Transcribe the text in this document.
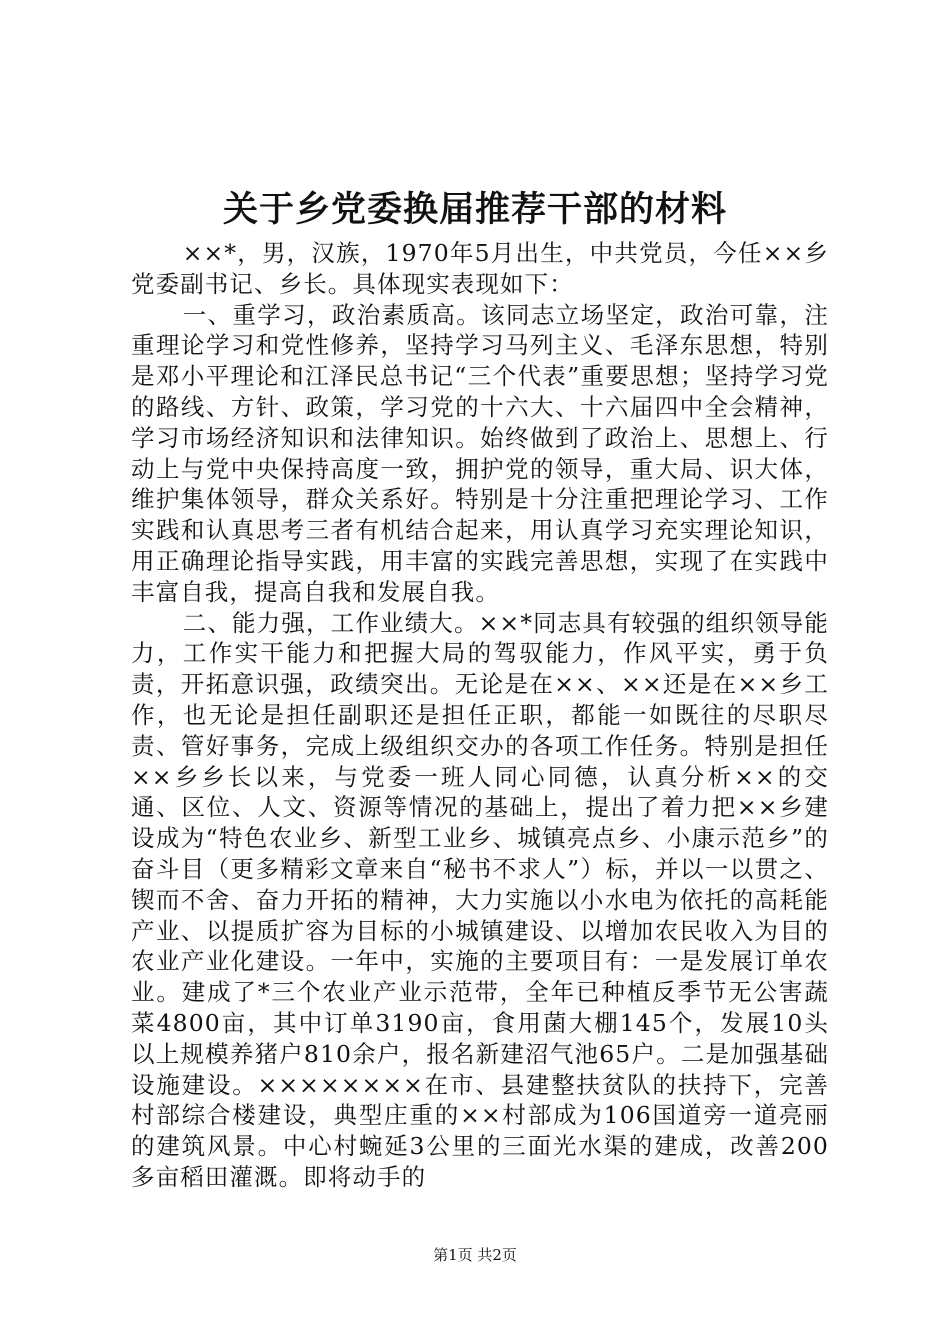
关于乡党委换届推荐干部的材料

××*，男，汉族，1970年5月出生，中共党员，今任××乡党委副书记、乡长。具体现实表现如下：

一、重学习，政治素质高。该同志立场坚定，政治可靠，注重理论学习和党性修养，坚持学习马列主义、毛泽东思想，特别是邓小平理论和江泽民总书记“三个代表”重要思想；坚持学习党的路线、方针、政策，学习党的十六大、十六届四中全会精神，学习市场经济知识和法律知识。始终做到了政治上、思想上、行动上与党中央保持高度一致，拥护党的领导，重大局、识大体，维护集体领导，群众关系好。特别是十分注重把理论学习、工作实践和认真思考三者有机结合起来，用认真学习充实理论知识，用正确理论指导实践，用丰富的实践完善思想，实现了在实践中丰富自我，提高自我和发展自我。

二、能力强，工作业绩大。××*同志具有较强的组织领导能力，工作实干能力和把握大局的驾驭能力，作风平实，勇于负责，开拓意识强，政绩突出。无论是在××、××还是在××乡工作，也无论是担任副职还是担任正职，都能一如既往的尽职尽责、管好事务，完成上级组织交办的各项工作任务。特别是担任××乡乡长以来，与党委一班人同心同德，认真分析××的交通、区位、人文、资源等情况的基础上，提出了着力把××乡建设成为“特色农业乡、新型工业乡、城镇亮点乡、小康示范乡”的奋斗目（更多精彩文章来自“秘书不求人”）标，并以一以贯之、锲而不舍、奋力开拓的精神，大力实施以小水电为依托的高耗能产业、以提质扩容为目标的小城镇建设、以增加农民收入为目的农业产业化建设。一年中，实施的主要项目有：一是发展订单农业。建成了*三个农业产业示范带，全年已种植反季节无公害蔬菜4800亩，其中订单3190亩，食用菌大棚145个，发展10头以上规模养猪户810余户，报名新建沼气池65户。二是加强基础设施建设。××××××××在市、县建整扶贫队的扶持下，完善村部综合楼建设，典型庄重的××村部成为106国道旁一道亮丽的建筑风景。中心村蜿延3公里的三面光水渠的建成，改善200多亩稻田灌溉。即将动手的

第1页 共2页
